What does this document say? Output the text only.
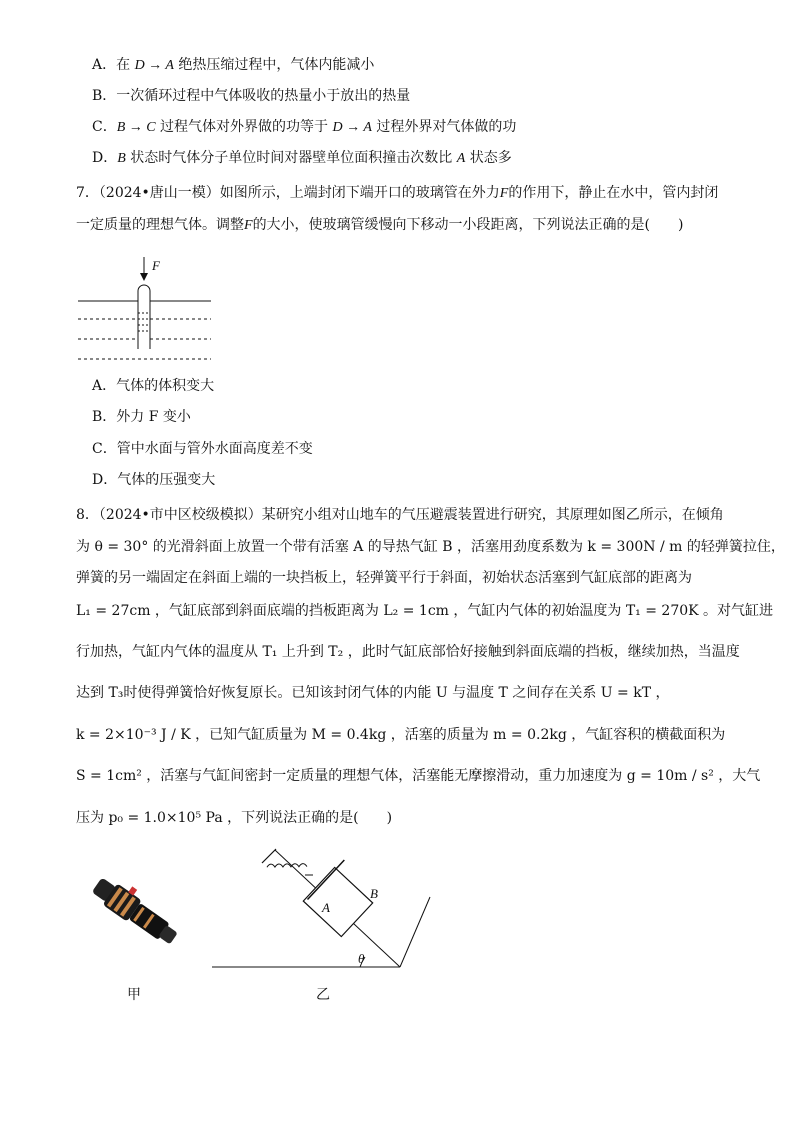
A．在 D → A 绝热压缩过程中，气体内能减小
B．一次循环过程中气体吸收的热量小于放出的热量
C．B → C 过程气体对外界做的功等于 D → A 过程外界对气体做的功
D．B 状态时气体分子单位时间对器壁单位面积撞击次数比 A 状态多
7．（2024•唐山一模）如图所示，上端封闭下端开口的玻璃管在外力F的作用下，静止在水中，管内封闭
一定质量的理想气体。调整F的大小，使玻璃管缓慢向下移动一小段距离，下列说法正确的是(　　)
F
A．气体的体积变大
B．外力 F 变小
C．管中水面与管外水面高度差不变
D．气体的压强变大
8．（2024•市中区校级模拟）某研究小组对山地车的气压避震装置进行研究，其原理如图乙所示，在倾角
为 θ = 30° 的光滑斜面上放置一个带有活塞 A 的导热气缸 B ，活塞用劲度系数为 k = 300N / m 的轻弹簧拉住，
弹簧的另一端固定在斜面上端的一块挡板上，轻弹簧平行于斜面，初始状态活塞到气缸底部的距离为
L₁ = 27cm ，气缸底部到斜面底端的挡板距离为 L₂ = 1cm ，气缸内气体的初始温度为 T₁ = 270K 。对气缸进
行加热，气缸内气体的温度从 T₁ 上升到 T₂ ，此时气缸底部恰好接触到斜面底端的挡板，继续加热，当温度
达到 T₃时使得弹簧恰好恢复原长。已知该封闭气体的内能 U 与温度 T 之间存在关系 U = kT ，
k = 2×10⁻³ J / K ，已知气缸质量为 M = 0.4kg ，活塞的质量为 m = 0.2kg ，气缸容积的横截面积为
S = 1cm² ，活塞与气缸间密封一定质量的理想气体，活塞能无摩擦滑动，重力加速度为 g = 10m / s² ，大气
压为 p₀ = 1.0×10⁵ Pa ，下列说法正确的是(　　)
甲
A
B
θ
乙
